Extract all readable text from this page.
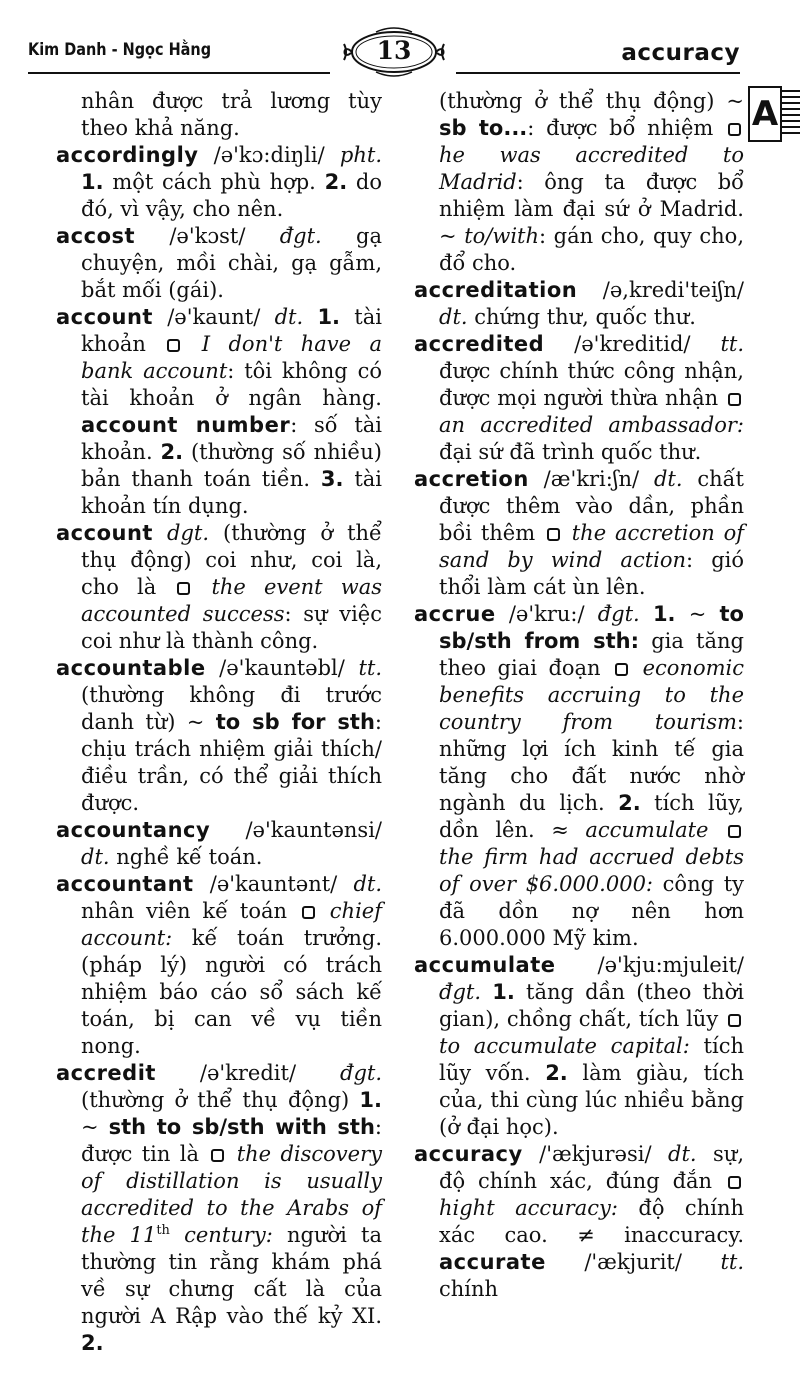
Kim Danh - Ngọc Hằng	13	accuracy
A

nhân được trả lương tùy theo khả năng.

accordingly /ə'kɔ:diŋli/ pht. 1. một cách phù hợp. 2. do đó, vì vậy, cho nên.

accost /ə'kɔst/ đgt. gạ chuyện, mồi chài, gạ gẫm, bắt mối (gái).

account /ə'kaunt/ dt. 1. tài khoản  I don't have a bank account: tôi không có tài khoản ở ngân hàng. account number: số tài khoản. 2. (thường số nhiều) bản thanh toán tiền. 3. tài khoản tín dụng.

account dgt. (thường ở thể thụ động) coi như, coi là, cho là  the event was accounted success: sự việc coi như là thành công.

accountable /ə'kauntəbl/ tt. (thường không đi trước danh từ) ~ to sb for sth: chịu trách nhiệm giải thích/điều trần, có thể giải thích được.

accountancy /ə'kauntənsi/ dt. nghề kế toán.

accountant /ə'kauntənt/ dt. nhân viên kế toán  chief account: kế toán trưởng. (pháp lý) người có trách nhiệm báo cáo sổ sách kế toán, bị can về vụ tiền nong.

accredit /ə'kredit/ đgt. (thường ở thể thụ động) 1. ~ sth to sb/sth with sth: được tin là  the discovery of distillation is usually accredited to the Arabs of the 11th century: người ta thường tin rằng khám phá về sự chưng cất là của người A Rập vào thế kỷ XI. 2.

(thường ở thể thụ động) ~ sb to...: được bổ nhiệm  he was accredited to Madrid: ông ta được bổ nhiệm làm đại sứ ở Madrid. ~ to/with: gán cho, quy cho, đổ cho.

accreditation /ə,kredi'teiʃn/ dt. chứng thư, quốc thư.

accredited /ə'kreditid/ tt. được chính thức công nhận, được mọi người thừa nhận  an accredited ambassador: đại sứ đã trình quốc thư.

accretion /æ'kri:ʃn/ dt. chất được thêm vào dần, phần bồi thêm  the accretion of sand by wind action: gió thổi làm cát ùn lên.

accrue /ə'kru:/ đgt. 1. ~ to sb/sth from sth: gia tăng theo giai đoạn  economic benefits accruing to the country from tourism: những lợi ích kinh tế gia tăng cho đất nước nhờ ngành du lịch. 2. tích lũy, dồn lên. ≈ accumulate  the firm had accrued debts of over $6.000.000: công ty đã dồn nợ nên hơn 6.000.000 Mỹ kim.

accumulate /ə'kju:mjuleit/ đgt. 1. tăng dần (theo thời gian), chồng chất, tích lũy  to accumulate capital: tích lũy vốn. 2. làm giàu, tích của, thi cùng lúc nhiều bằng (ở đại học).

accuracy /'ækjurəsi/ dt. sự, độ chính xác, đúng đắn  hight accuracy: độ chính xác cao. ≠ inaccuracy. accurate /'ækjurit/ tt. chính
